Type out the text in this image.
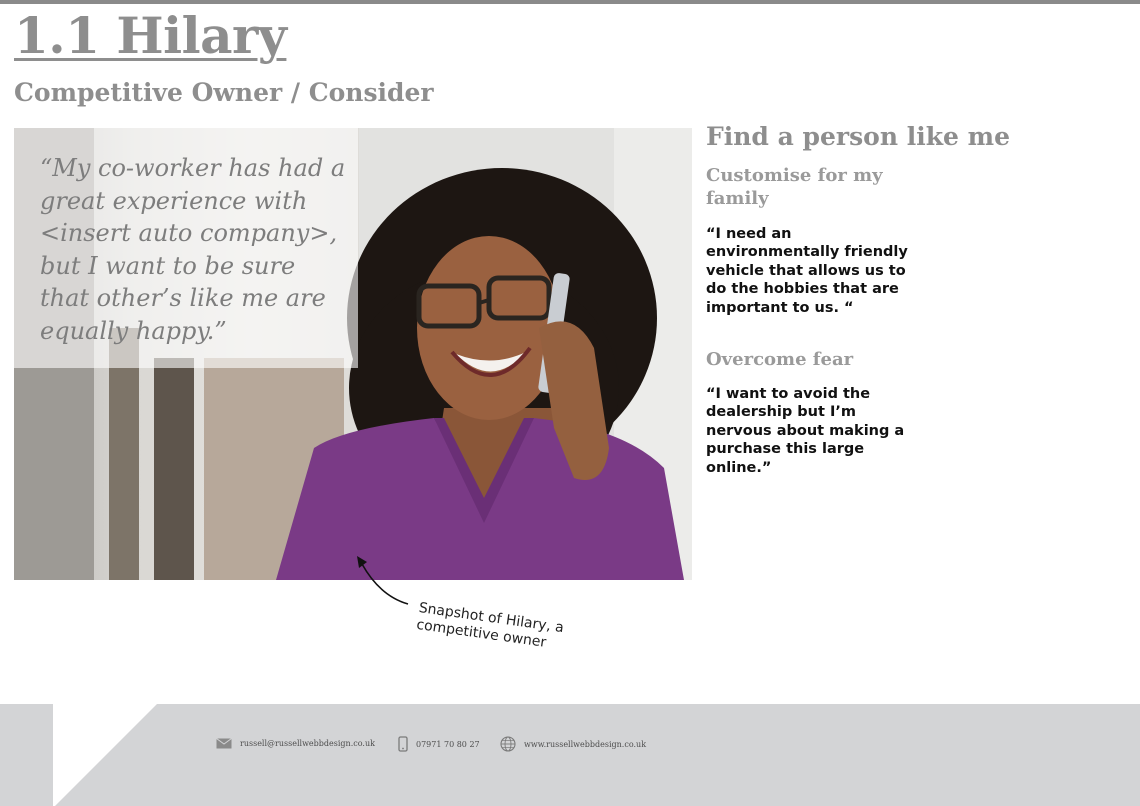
1.1 Hilary
Competitive Owner / Consider

“My co-worker has had a great experience with <insert auto company>, but I want to be sure that other’s like me are equally happy.”

Find a person like me
Customise for my family

“I need an environmentally friendly vehicle that allows us to do the hobbies that are important to us. “

Overcome fear

“I want to avoid the dealership but I’m nervous about making a purchase this large online.”

Snapshot of Hilary, a competitive owner

russell@russellwebbdesign.co.uk	07971 70 80 27	www.russellwebbdesign.co.uk
